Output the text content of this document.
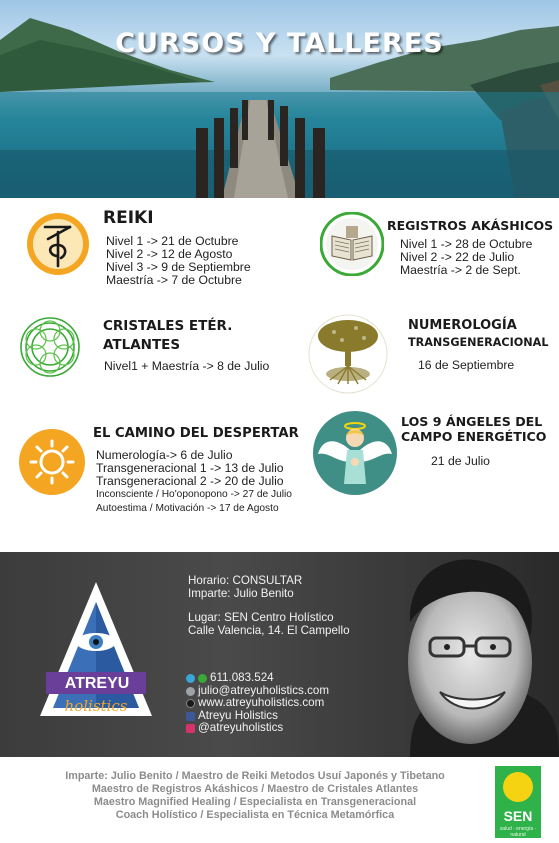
CURSOS Y TALLERES
REIKI
Nivel 1 -> 21 de Octubre
Nivel 2 -> 12 de Agosto
Nivel 3 -> 9 de Septiembre
Maestría -> 7 de Octubre
REGISTROS AKÁSHICOS
Nivel 1 -> 28 de Octubre
Nivel 2 -> 22 de Julio
Maestría -> 2 de Sept.
CRISTALES ETÉR.
ATLANTES
Nivel1 + Maestría -> 8 de Julio
NUMEROLOGÍA
TRANSGENERACIONAL
16 de Septiembre
EL CAMINO DEL DESPERTAR
Numerología-> 6 de Julio
Transgeneracional 1 -> 13 de Julio
Transgeneracional 2 -> 20 de Julio
Inconsciente / Ho'oponopono -> 27 de Julio
Autoestima / Motivación -> 17 de Agosto
LOS 9 ÁNGELES DEL
CAMPO ENERGÉTICO
21 de Julio
ATREYU
holistics
Horario: CONSULTAR
Imparte: Julio Benito
Lugar: SEN Centro Holístico
Calle Valencia, 14. El Campello
611.083.524
julio@atreyuholistics.com
www.atreyuholistics.com
Atreyu Holistics
@atreyuholistics
Imparte: Julio Benito / Maestro de Reiki Metodos Usuí Japonés y Tibetano
Maestro de Registros Akáshicos / Maestro de Cristales Atlantes
Maestro Magnified Healing / Especialista en Transgeneracional
Coach Holístico / Especialista en Técnica Metamórfica	SEN
salud · energía · natural
